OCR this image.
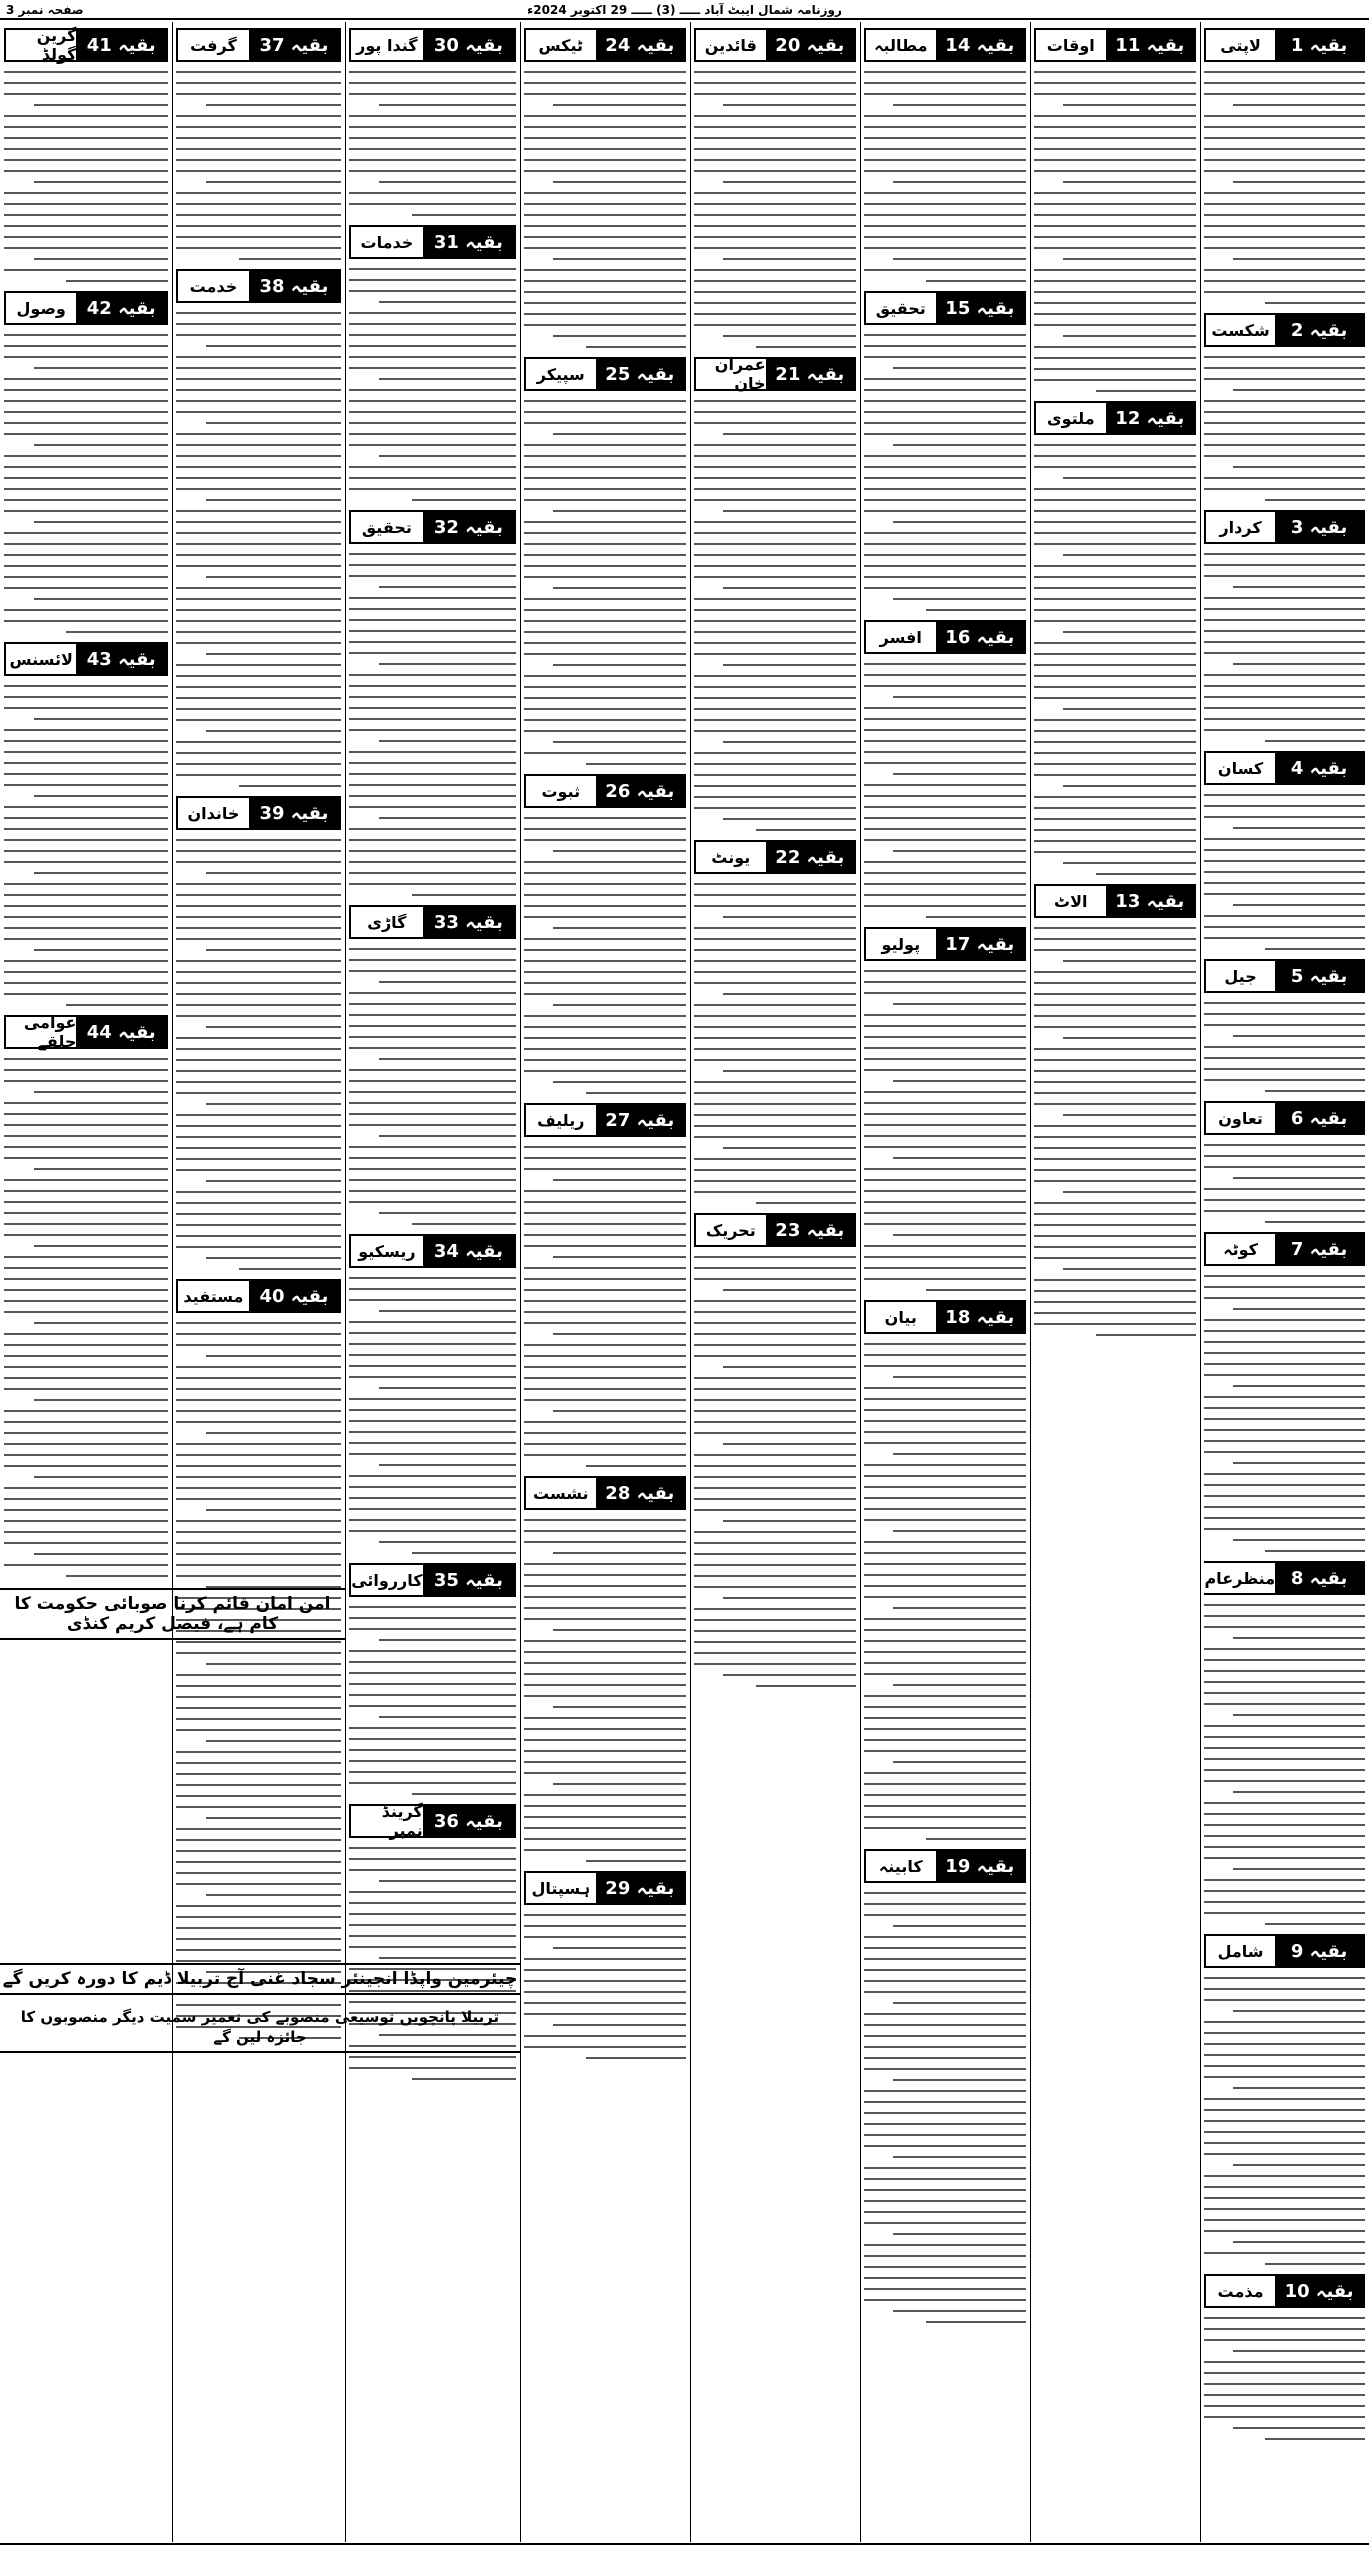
روزنامہ شمال ایبٹ آباد ـــــ (3) ـــــ 29 اکتوبر 2024ء
صفحہ نمبر 3
بقیہ 1
لاپتی
بقیہ 2
شکست
بقیہ 3
کردار
بقیہ 4
کسان
بقیہ 5
جیل
بقیہ 6
تعاون
بقیہ 7
کوٹہ
بقیہ 8
منظرعام
بقیہ 9
شامل
بقیہ 10
مذمت
بقیہ 11
اوقات
بقیہ 12
ملتوی
بقیہ 13
الاٹ
بقیہ 14
مطالبہ
بقیہ 15
تحقیق
بقیہ 16
افسر
بقیہ 17
پولیو
بقیہ 18
بیان
بقیہ 19
کابینہ
بقیہ 20
قائدین
بقیہ 21
عمران خان
بقیہ 22
یونٹ
بقیہ 23
تحریک
بقیہ 24
ٹیکس
بقیہ 25
سپیکر
بقیہ 26
ثبوت
بقیہ 27
ریلیف
بقیہ 28
نشست
بقیہ 29
ہسپتال
بقیہ 30
گندا پور
بقیہ 31
خدمات
بقیہ 32
تحقیق
بقیہ 33
گاڑی
بقیہ 34
ریسکیو
بقیہ 35
کارروائی
بقیہ 36
گرینڈ نمبر
بقیہ 37
گرفت
بقیہ 38
خدمت
بقیہ 39
خاندان
بقیہ 40
مستفید
بقیہ 41
گرین گولڈ
بقیہ 42
وصول
بقیہ 43
لائسنس
بقیہ 44
عوامی حلقے
امن امان قائم کرنا صوبائی حکومت کا کام ہے، فیصل کریم کنڈی
چیئرمین واپڈا انجینئر سجاد غنی آج تربیلا ڈیم کا دورہ کریں گے
تربیلا پانچویں توسیعی منصوبے کی تعمیر سمیت دیگر منصوبوں کا جائزہ لیں گے
